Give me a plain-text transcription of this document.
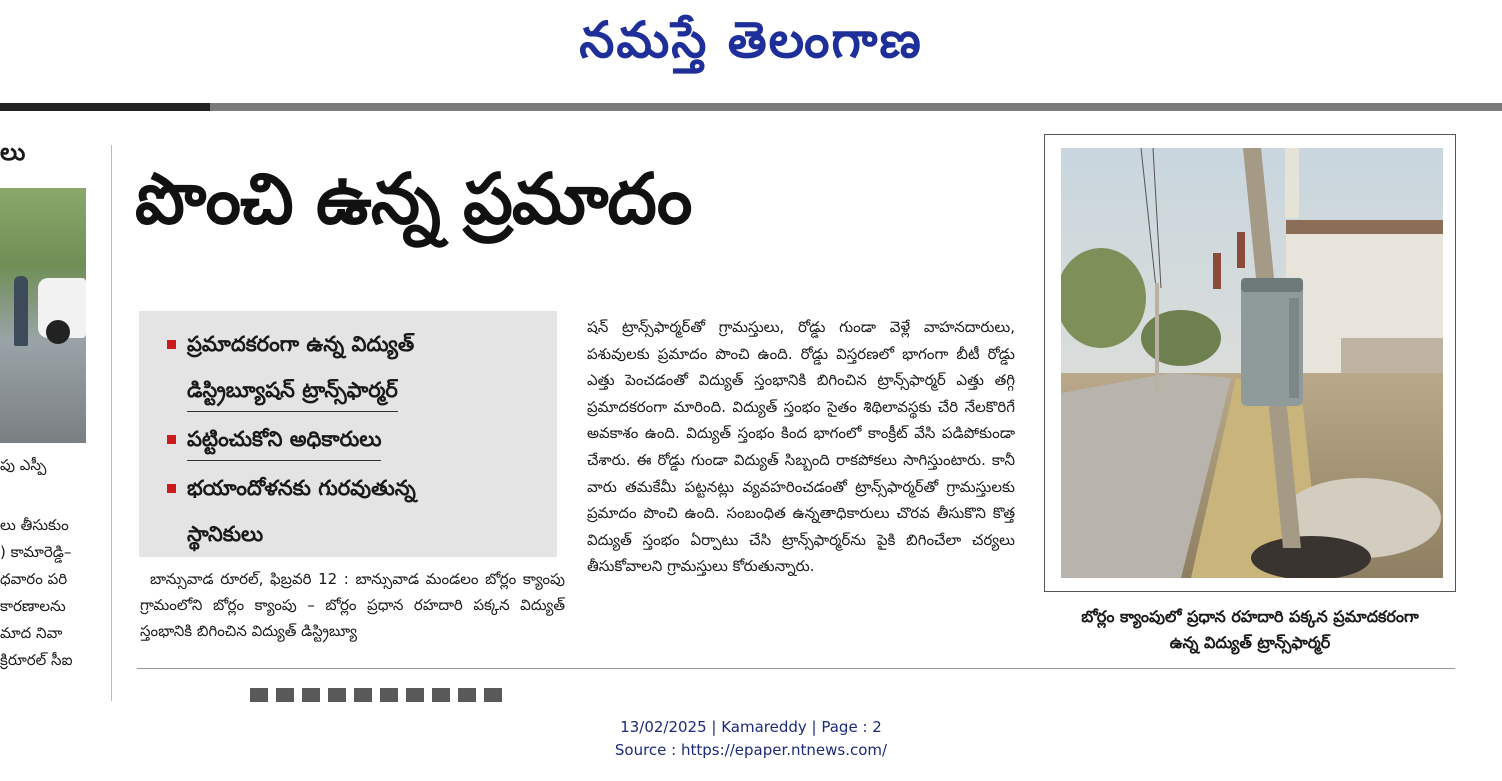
నమస్తే తెలంగాణ
లు
పు ఎస్పీ
లు తీసుకుం
) కామారెడ్డి–
ధవారం పరి
కారణాలను
మాద నివా
క్రిరూరల్ సీఐ
పొంచి ఉన్న ప్రమాదం
ప్రమాదకరంగా ఉన్న విద్యుత్
డిస్ట్రిబ్యూషన్ ట్రాన్స్‌ఫార్మర్
పట్టించుకోని అధికారులు
భయాందోళనకు గురవుతున్న
స్థానికులు

బాన్సువాడ రూరల్, ఫిబ్రవరి 12 : బాన్సువాడ మండలం బోర్లం క్యాంపు గ్రామంలోని బోర్లం క్యాంపు – బోర్లం ప్రధాన రహదారి పక్కన విద్యుత్ స్తంభానికి బిగించిన విద్యుత్ డిస్ట్రిబ్యూ

షన్ ట్రాన్స్‌ఫార్మర్‌తో గ్రామస్తులు, రోడ్డు గుండా వెళ్లే వాహనదారులు, పశువులకు ప్రమాదం పొంచి ఉంది. రోడ్డు విస్తరణలో భాగంగా బీటీ రోడ్డు ఎత్తు పెంచడంతో విద్యుత్ స్తంభానికి బిగించిన ట్రాన్స్‌ఫార్మర్ ఎత్తు తగ్గి ప్రమాదకరంగా మారింది. విద్యుత్ స్తంభం సైతం శిథిలావస్థకు చేరి నేలకొరిగే అవకాశం ఉంది. విద్యుత్ స్తంభం కింద భాగంలో కాంక్రీట్ వేసి పడిపోకుండా చేశారు. ఈ రోడ్డు గుండా విద్యుత్ సిబ్బంది రాకపోకలు సాగిస్తుంటారు. కానీ వారు తమకేమీ పట్టనట్లు వ్యవహరించడంతో ట్రాన్స్‌ఫార్మర్‌తో గ్రామస్తులకు ప్రమాదం పొంచి ఉంది. సంబంధిత ఉన్నతాధికారులు చొరవ తీసుకొని కొత్త విద్యుత్ స్తంభం ఏర్పాటు చేసి ట్రాన్స్‌ఫార్మర్‌ను పైకి బిగించేలా చర్యలు తీసుకోవాలని గ్రామస్తులు కోరుతున్నారు.

బోర్లం క్యాంపులో ప్రధాన రహదారి పక్కన ప్రమాదకరంగా
ఉన్న విద్యుత్ ట్రాన్స్‌ఫార్మర్
13/02/2025 | Kamareddy | Page : 2
Source : https://epaper.ntnews.com/
